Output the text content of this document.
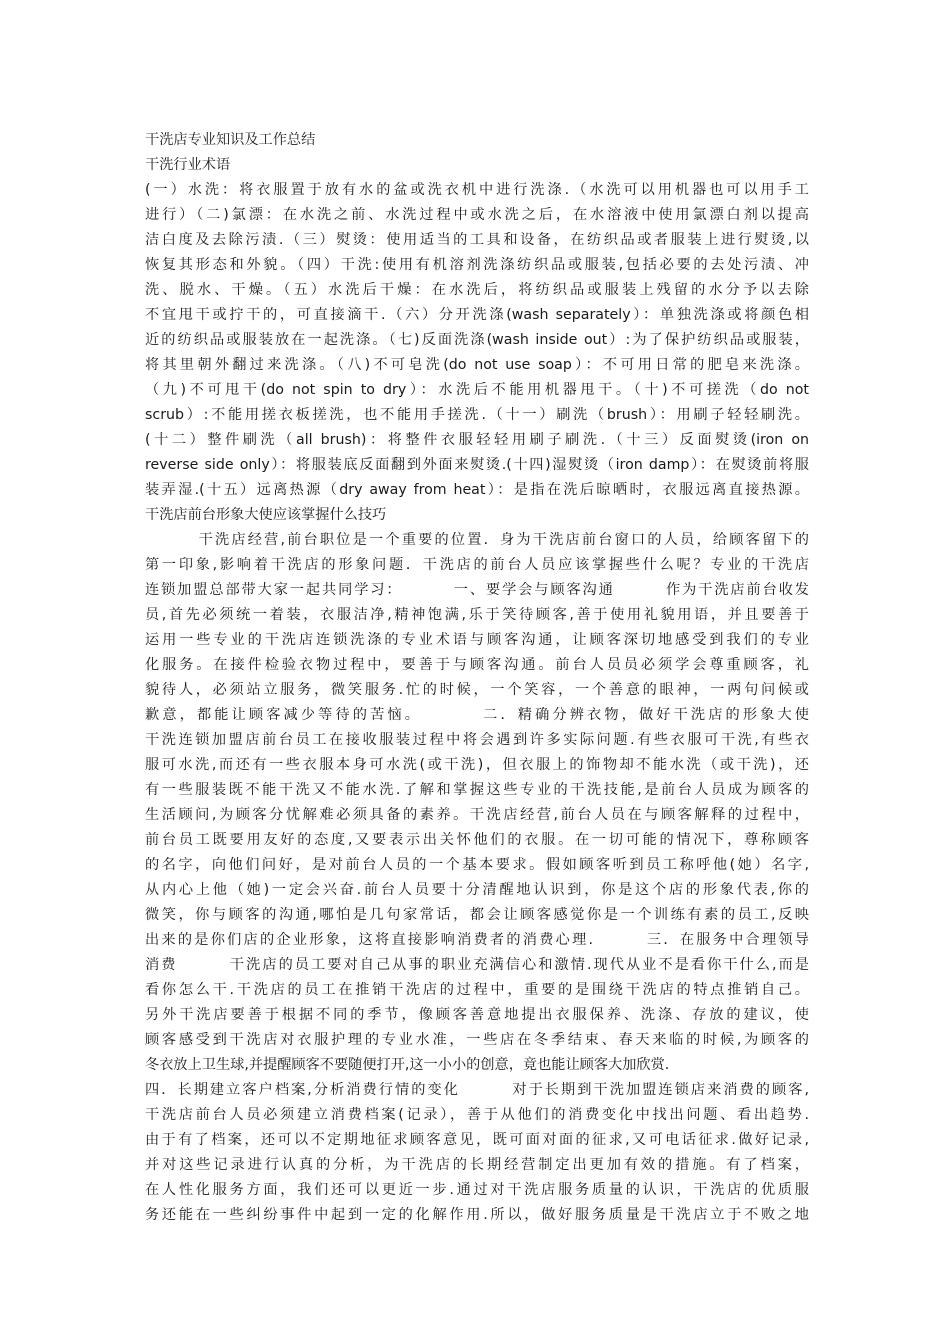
干洗店专业知识及工作总结
干洗行业术语
(一）水洗：将衣服置于放有水的盆或洗衣机中进行洗涤.（水洗可以用机器也可以用手工
进行）（二)氯漂：在水洗之前、水洗过程中或水洗之后，在水溶液中使用氯漂白剂以提高
洁白度及去除污渍.（三）熨烫：使用适当的工具和设备，在纺织品或者服装上进行熨烫,以
恢复其形态和外貌。（四）干洗:使用有机溶剂洗涤纺织品或服装,包括必要的去处污渍、冲
洗、脱水、干燥。（五）水洗后干燥：在水洗后，将纺织品或服装上残留的水分予以去除
不宜甩干或拧干的，可直接滴干.（六）分开洗涤(wash separately）：单独洗涤或将颜色相
近的纺织品或服装放在一起洗涤。（七)反面洗涤(wash inside out）:为了保护纺织品或服装，
将其里朝外翻过来洗涤。（八)不可皂洗(do not use soap）：不可用日常的肥皂来洗涤。
（九)不可甩干(do not spin to dry）：水洗后不能用机器甩干。（十)不可搓洗（do not
scrub）:不能用搓衣板搓洗，也不能用手搓洗.（十一）刷洗（brush）：用刷子轻轻刷洗。
(十二）整件刷洗（all brush)：将整件衣服轻轻用刷子刷洗.（十三）反面熨烫(iron on
reverse side only）：将服装底反面翻到外面来熨烫.(十四)湿熨烫（iron damp）：在熨烫前将服
装弄湿.(十五）远离热源（dry away from heat）：是指在洗后晾晒时，衣服远离直接热源。
干洗店前台形象大使应该掌握什么技巧
干洗店经营,前台职位是一个重要的位置．身为干洗店前台窗口的人员，给顾客留下的
第一印象,影响着干洗店的形象问题．干洗店的前台人员应该掌握些什么呢？专业的干洗店
连锁加盟总部带大家一起共同学习：        一、要学会与顾客沟通        作为干洗店前台收发
员,首先必须统一着装，衣服洁净,精神饱满,乐于笑待顾客,善于使用礼貌用语，并且要善于
运用一些专业的干洗店连锁洗涤的专业术语与顾客沟通，让顾客深切地感受到我们的专业
化服务。在接件检验衣物过程中，要善于与顾客沟通。前台人员员必须学会尊重顾客，礼
貌待人，必须站立服务，微笑服务.忙的时候，一个笑容，一个善意的眼神，一两句问候或
歉意，都能让顾客减少等待的苦恼。        二．精确分辨衣物，做好干洗店的形象大使
干洗连锁加盟店前台员工在接收服装过程中将会遇到许多实际问题.有些衣服可干洗,有些衣
服可水洗,而还有一些衣服本身可水洗(或干洗)，但衣服上的饰物却不能水洗（或干洗)，还
有一些服装既不能干洗又不能水洗.了解和掌握这些专业的干洗技能,是前台人员成为顾客的
生活顾问,为顾客分忧解难必须具备的素养。干洗店经营,前台人员在与顾客解释的过程中，
前台员工既要用友好的态度,又要表示出关怀他们的衣服。在一切可能的情况下，尊称顾客
的名字，向他们问好，是对前台人员的一个基本要求。假如顾客听到员工称呼他(她）名字,
从内心上他（她)一定会兴奋.前台人员要十分清醒地认识到，你是这个店的形象代表,你的
微笑，你与顾客的沟通,哪怕是几句家常话，都会让顾客感觉你是一个训练有素的员工,反映
出来的是你们店的企业形象，这将直接影响消费者的消费心理.        三．在服务中合理领导
消费        干洗店的员工要对自己从事的职业充满信心和激情.现代从业不是看你干什么,而是
看你怎么干.干洗店的员工在推销干洗店的过程中，重要的是围绕干洗店的特点推销自己。
另外干洗店要善于根据不同的季节，像顾客善意地提出衣服保养、洗涤、存放的建议，使
顾客感受到干洗店对衣服护理的专业水准，一些店在冬季结束、春天来临的时候,为顾客的
冬衣放上卫生球,并提醒顾客不要随便打开,这一小小的创意，竟也能让顾客大加欣赏.
四．长期建立客户档案,分析消费行情的变化        对于长期到干洗加盟连锁店来消费的顾客,
干洗店前台人员必须建立消费档案(记录），善于从他们的消费变化中找出问题、看出趋势.
由于有了档案，还可以不定期地征求顾客意见，既可面对面的征求,又可电话征求.做好记录,
并对这些记录进行认真的分析，为干洗店的长期经营制定出更加有效的措施。有了档案，
在人性化服务方面，我们还可以更近一步.通过对干洗店服务质量的认识，干洗店的优质服
务还能在一些纠纷事件中起到一定的化解作用.所以，做好服务质量是干洗店立于不败之地
